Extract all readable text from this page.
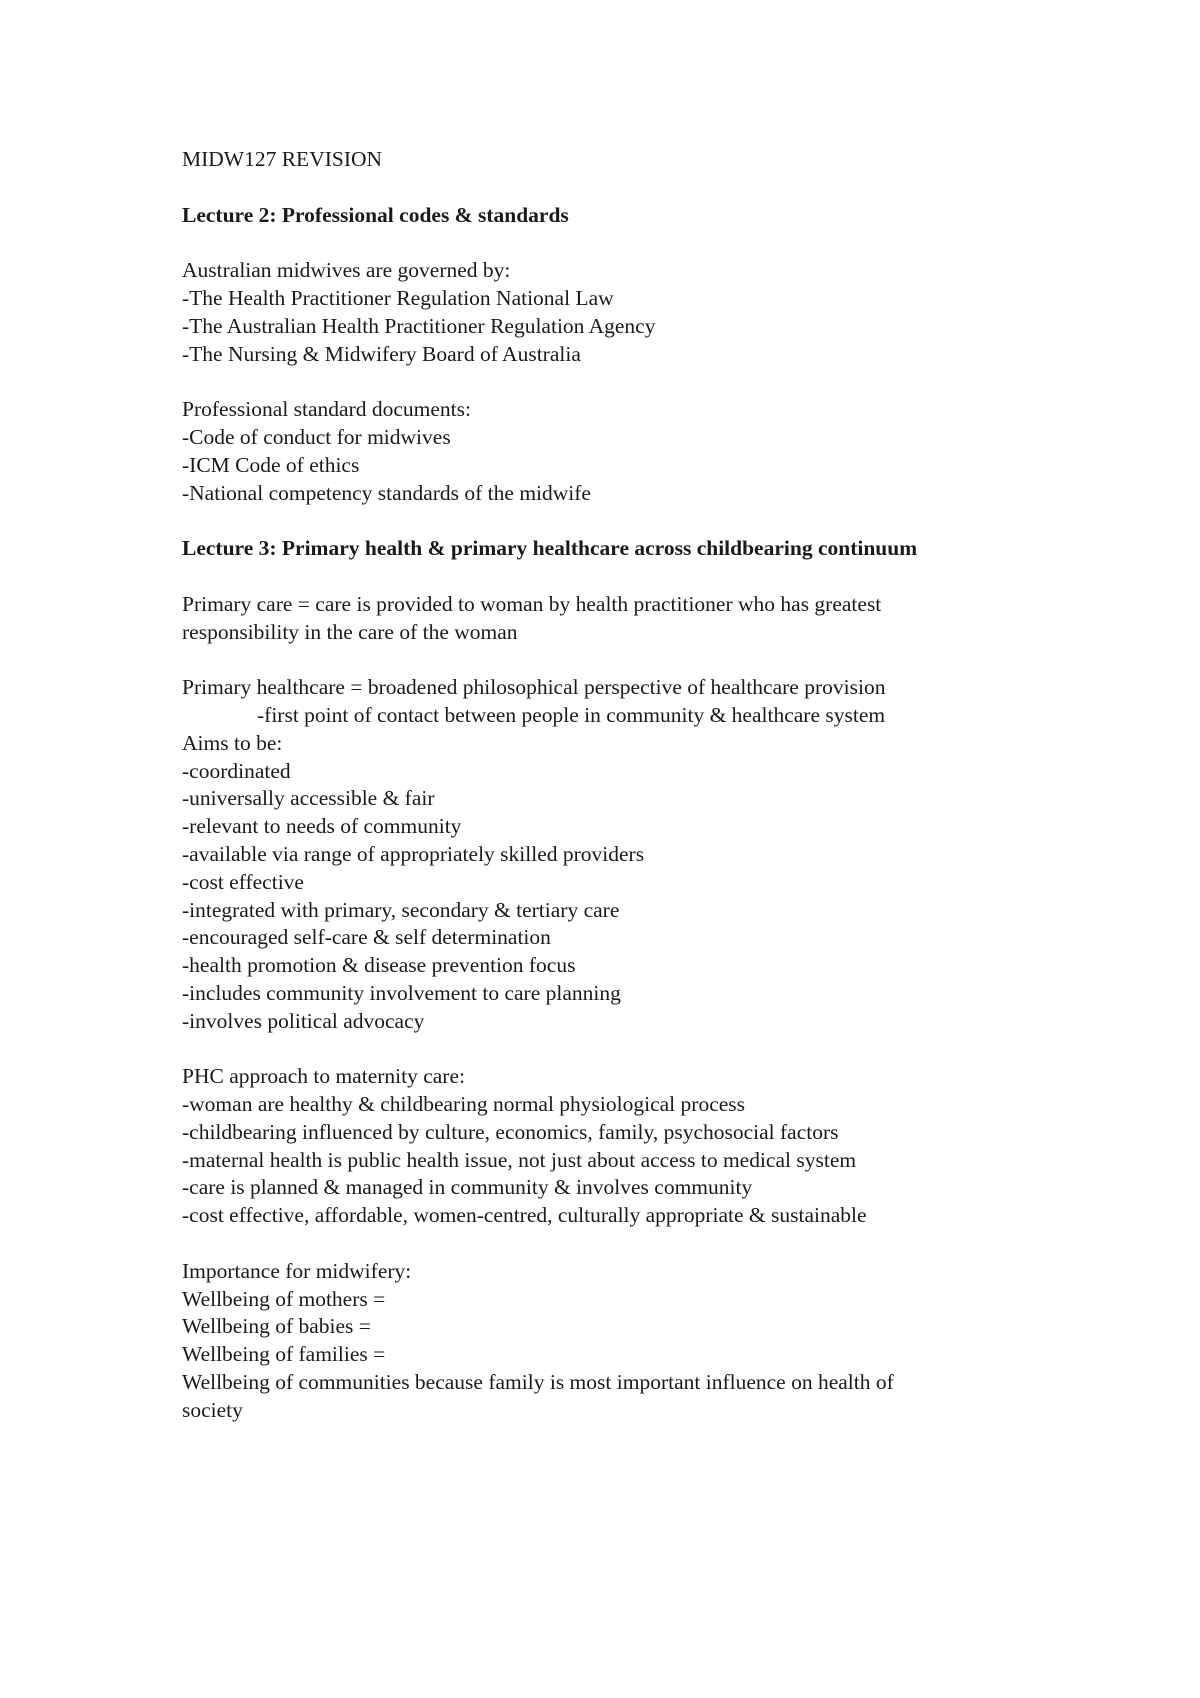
MIDW127 REVISION
Lecture 2: Professional codes & standards
Australian midwives are governed by:
-The Health Practitioner Regulation National Law
-The Australian Health Practitioner Regulation Agency
-The Nursing & Midwifery Board of Australia
Professional standard documents:
-Code of conduct for midwives
-ICM Code of ethics
-National competency standards of the midwife
Lecture 3: Primary health & primary healthcare across childbearing continuum
Primary care = care is provided to woman by health practitioner who has greatest
responsibility in the care of the woman
Primary healthcare = broadened philosophical perspective of healthcare provision
-first point of contact between people in community & healthcare system
Aims to be:
-coordinated
-universally accessible & fair
-relevant to needs of community
-available via range of appropriately skilled providers
-cost effective
-integrated with primary, secondary & tertiary care
-encouraged self-care & self determination
-health promotion & disease prevention focus
-includes community involvement to care planning
-involves political advocacy
PHC approach to maternity care:
-woman are healthy & childbearing normal physiological process
-childbearing influenced by culture, economics, family, psychosocial factors
-maternal health is public health issue, not just about access to medical system
-care is planned & managed in community & involves community
-cost effective, affordable, women-centred, culturally appropriate & sustainable
Importance for midwifery:
Wellbeing of mothers =
Wellbeing of babies =
Wellbeing of families =
Wellbeing of communities because family is most important influence on health of
society
